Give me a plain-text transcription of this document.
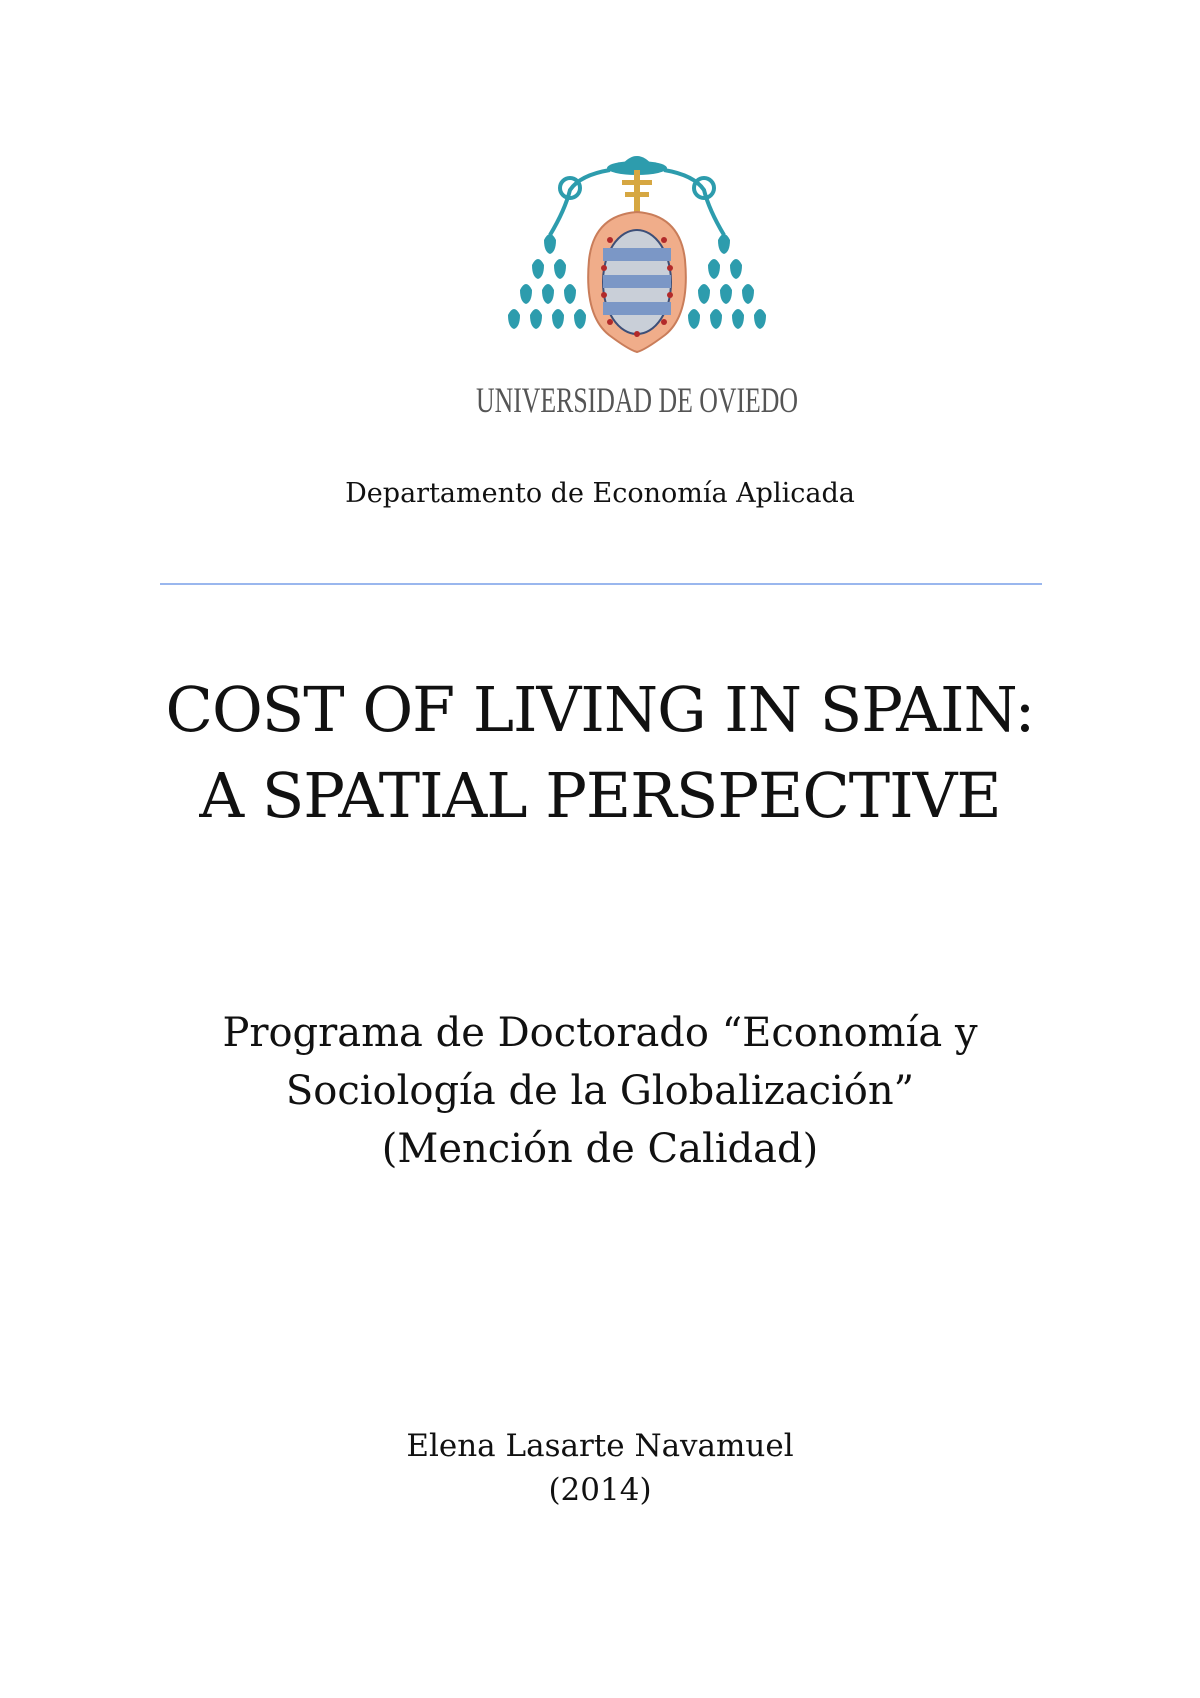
UNIVERSIDAD DE OVIEDO
Departamento de Economía Aplicada
COST OF LIVING IN SPAIN:
A SPATIAL PERSPECTIVE
Programa de Doctorado “Economía y
Sociología de la Globalización”
(Mención de Calidad)
Elena Lasarte Navamuel
(2014)
